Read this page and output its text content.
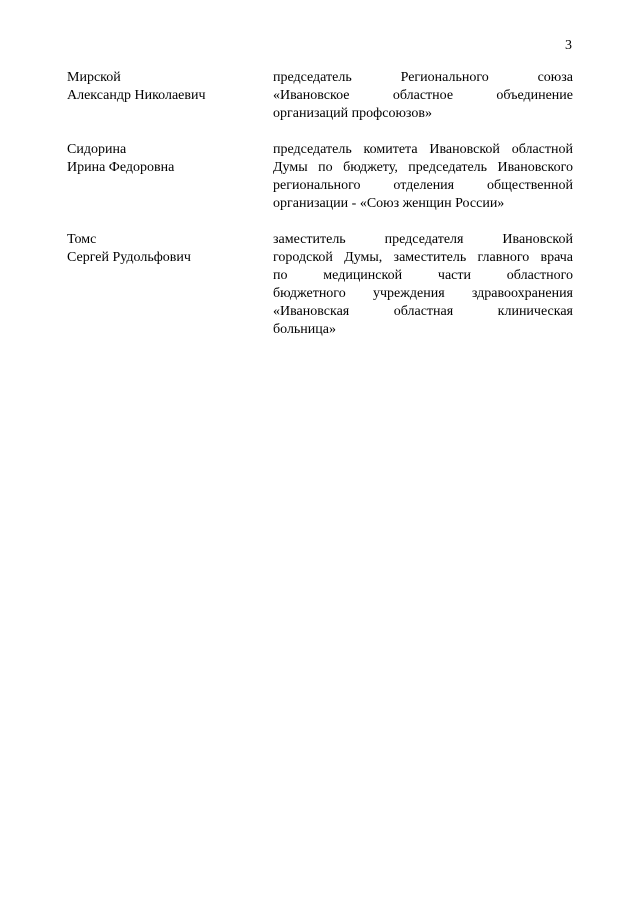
3
Мирской
Александр Николаевич
председатель Регионального союза
«Ивановское областное объединение
организаций профсоюзов»
Сидорина
Ирина Федоровна
председатель комитета Ивановской областной
Думы по бюджету, председатель Ивановского
регионального отделения общественной
организации - «Союз женщин России»
Томс
Сергей Рудольфович
заместитель председателя Ивановской
городской Думы, заместитель главного врача
по медицинской части областного
бюджетного учреждения здравоохранения
«Ивановская областная клиническая
больница»
